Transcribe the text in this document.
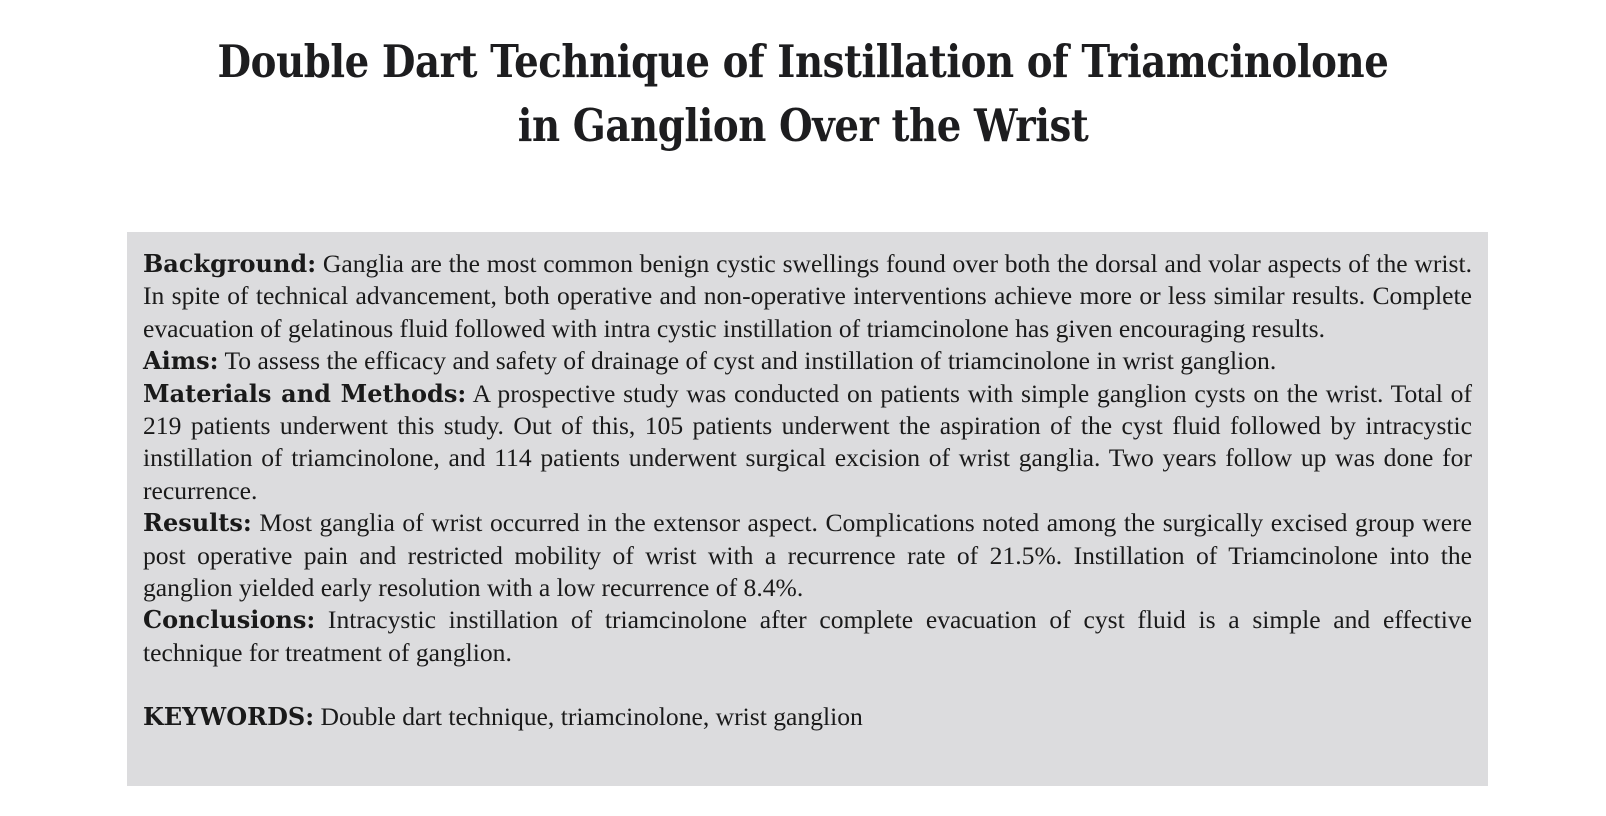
Double Dart Technique of Instillation of Triamcinolone in Ganglion Over the Wrist

Background: Ganglia are the most common benign cystic swellings found over both the dorsal and volar aspects of the wrist. In spite of technical advancement, both operative and non-operative interventions achieve more or less similar results. Complete evacuation of gelatinous fluid followed with intra cystic instillation of triamcinolone has given encouraging results.

Aims: To assess the efficacy and safety of drainage of cyst and instillation of triamcinolone in wrist ganglion.

Materials and Methods: A prospective study was conducted on patients with simple ganglion cysts on the wrist. Total of 219 patients underwent this study. Out of this, 105 patients underwent the aspiration of the cyst fluid followed by intracystic instillation of triamcinolone, and 114 patients underwent surgical excision of wrist ganglia. Two years follow up was done for recurrence.

Results: Most ganglia of wrist occurred in the extensor aspect. Complications noted among the surgically excised group were post operative pain and restricted mobility of wrist with a recurrence rate of 21.5%. Instillation of Triamcinolone into the ganglion yielded early resolution with a low recurrence of 8.4%.

Conclusions: Intracystic instillation of triamcinolone after complete evacuation of cyst fluid is a simple and effective technique for treatment of ganglion.

KEYWORDS: Double dart technique, triamcinolone, wrist ganglion
